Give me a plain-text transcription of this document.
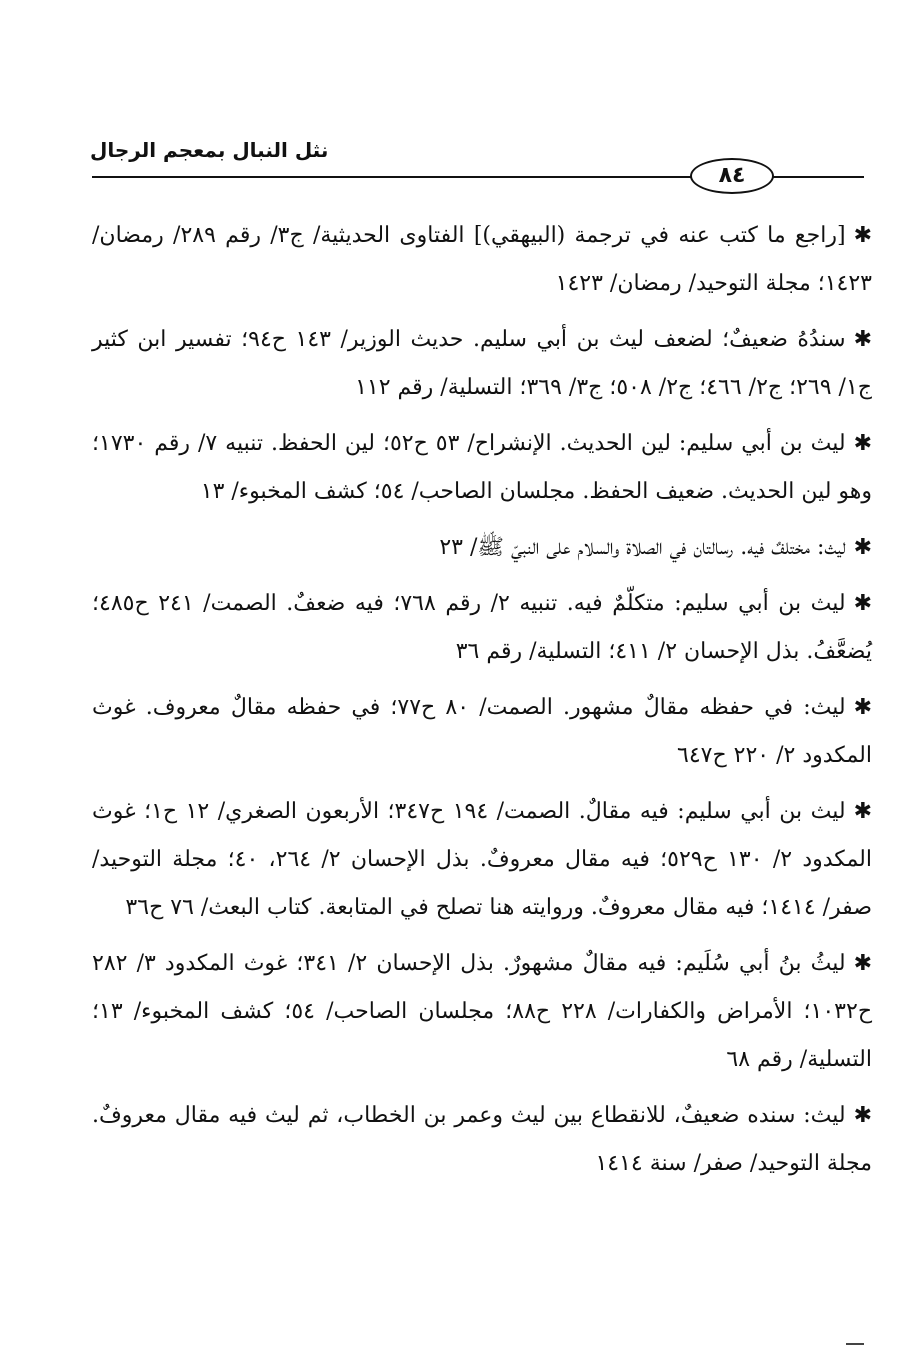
نثل النبال بمعجم الرجال
٨٤

✱[راجع ما كتب عنه في ترجمة (البيهقي)] الفتاوى الحديثية/ ج٣/ رقم ٢٨٩/ رمضان/ ١٤٢٣؛ مجلة التوحيد/ رمضان/ ١٤٢٣

✱سندُهُ ضعيفٌ؛ لضعف ليث بن أبي سليم. حديث الوزير/ ١٤٣ ح٩٤؛ تفسير ابن كثير ج١/ ٢٦٩؛ ج٢/ ٤٦٦؛ ج٢/ ٥٠٨؛ ج٣/ ٣٦٩؛ التسلية/ رقم ١١٢

✱ليث بن أبي سليم: لين الحديث. الإنشراح/ ٥٣ ح٥٢؛ لين الحفظ. تنبيه ٧/ رقم ١٧٣٠؛ وهو لين الحديث. ضعيف الحفظ. مجلسان الصاحب/ ٥٤؛ كشف المخبوء/ ١٣

✱ليث: مختلفٌ فيه. رسالتان في الصلاة والسلام على النبيّ ﷺ/ ٢٣

✱ليث بن أبي سليم: متكلّمٌ فيه. تنبيه ٢/ رقم ٧٦٨؛ فيه ضعفٌ. الصمت/ ٢٤١ ح٤٨٥؛ يُضعَّفُ. بذل الإحسان ٢/ ٤١١؛ التسلية/ رقم ٣٦

✱ليث: في حفظه مقالٌ مشهور. الصمت/ ٨٠ ح٧٧؛ في حفظه مقالٌ معروف. غوث المكدود ٢/ ٢٢٠ ح٦٤٧

✱ليث بن أبي سليم: فيه مقالٌ. الصمت/ ١٩٤ ح٣٤٧؛ الأربعون الصغري/ ١٢ ح١؛ غوث المكدود ٢/ ١٣٠ ح٥٢٩؛ فيه مقال معروفٌ. بذل الإحسان ٢/ ٢٦٤، ٤٠؛ مجلة التوحيد/ صفر/ ١٤١٤؛ فيه مقال معروفٌ. وروايته هنا تصلح في المتابعة. كتاب البعث/ ٧٦ ح٣٦

✱ليثُ بنُ أبي سُلَيم: فيه مقالٌ مشهورٌ. بذل الإحسان ٢/ ٣٤١؛ غوث المكدود ٣/ ٢٨٢ ح١٠٣٢؛ الأمراض والكفارات/ ٢٢٨ ح٨٨؛ مجلسان الصاحب/ ٥٤؛ كشف المخبوء/ ١٣؛ التسلية/ رقم ٦٨

✱ليث: سنده ضعيفٌ، للانقطاع بين ليث وعمر بن الخطاب، ثم ليث فيه مقال معروفٌ. مجلة التوحيد/ صفر/ سنة ١٤١٤
